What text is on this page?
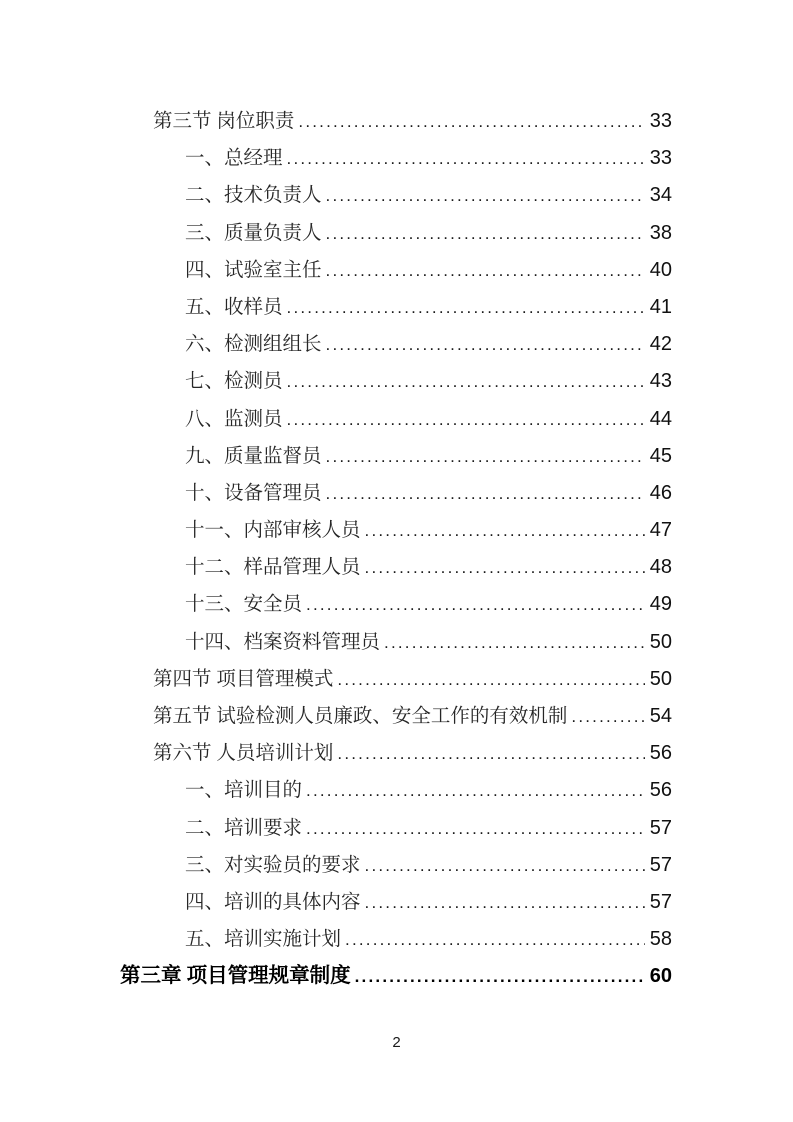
第三节 岗位职责 .....	33
一、总经理 .....	33
二、技术负责人 .....	34
三、质量负责人 .....	38
四、试验室主任 .....	40
五、收样员 .....	41
六、检测组组长 .....	42
七、检测员 .....	43
八、监测员 .....	44
九、质量监督员 .....	45
十、设备管理员 .....	46
十一、内部审核人员 .....	47
十二、样品管理人员 .....	48
十三、安全员 .....	49
十四、档案资料管理员 .....	50
第四节 项目管理模式 .....	50
第五节 试验检测人员廉政、安全工作的有效机制 .....	54
第六节 人员培训计划 .....	56
一、培训目的 .....	56
二、培训要求 .....	57
三、对实验员的要求 .....	57
四、培训的具体内容 .....	57
五、培训实施计划 .....	58
第三章 项目管理规章制度 .....	60
2
